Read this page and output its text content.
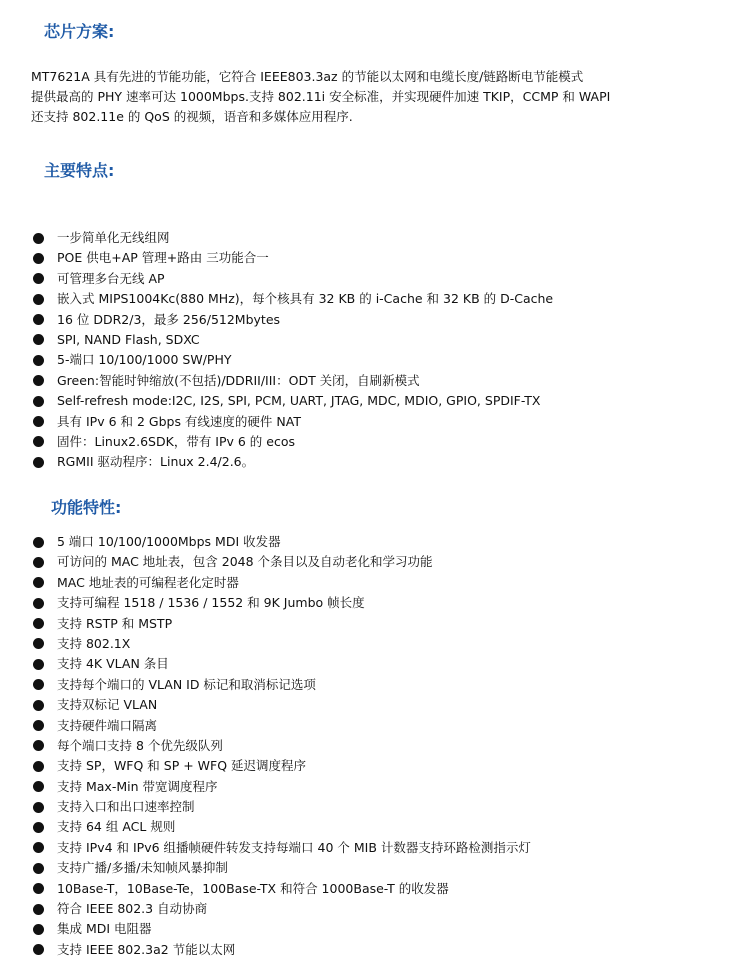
芯片方案:
MT7621A 具有先进的节能功能，它符合 IEEE803.3az 的节能以太网和电缆长度/链路断电节能模式
提供最高的 PHY 速率可达 1000Mbps.支持 802.11i 安全标准，并实现硬件加速 TKIP，CCMP 和 WAPI
还支持 802.11e 的 QoS 的视频，语音和多媒体应用程序.
主要特点:
一步简单化无线组网
POE 供电+AP 管理+路由 三功能合一
可管理多台无线 AP
嵌入式 MIPS1004Kc(880 MHz)，每个核具有 32 KB 的 i-Cache 和 32 KB 的 D-Cache
16 位 DDR2/3，最多 256/512Mbytes
SPI, NAND Flash, SDXC
5-端口 10/100/1000 SW/PHY
Green:智能时钟缩放(不包括)/DDRII/III：ODT 关闭，自刷新模式
Self-refresh mode:I2C, I2S, SPI, PCM, UART, JTAG, MDC, MDIO, GPIO, SPDIF-TX
具有 IPv 6 和 2 Gbps 有线速度的硬件 NAT
固件：Linux2.6SDK，带有 IPv 6 的 ecos
RGMII 驱动程序：Linux 2.4/2.6。
功能特性:
5 端口 10/100/1000Mbps MDI 收发器
可访问的 MAC 地址表，包含 2048 个条目以及自动老化和学习功能
MAC 地址表的可编程老化定时器
支持可编程 1518 / 1536 / 1552 和 9K Jumbo 帧长度
支持 RSTP 和 MSTP
支持 802.1X
支持 4K VLAN 条目
支持每个端口的 VLAN ID 标记和取消标记选项
支持双标记 VLAN
支持硬件端口隔离
每个端口支持 8 个优先级队列
支持 SP，WFQ 和 SP + WFQ 延迟调度程序
支持 Max-Min 带宽调度程序
支持入口和出口速率控制
支持 64 组 ACL 规则
支持 IPv4 和 IPv6 组播帧硬件转发支持每端口 40 个 MIB 计数器支持环路检测指示灯
支持广播/多播/未知帧风暴抑制
10Base-T，10Base-Te，100Base-TX 和符合 1000Base-T 的收发器
符合 IEEE 802.3 自动协商
集成 MDI 电阻器
支持 IEEE 802.3a2 节能以太网
